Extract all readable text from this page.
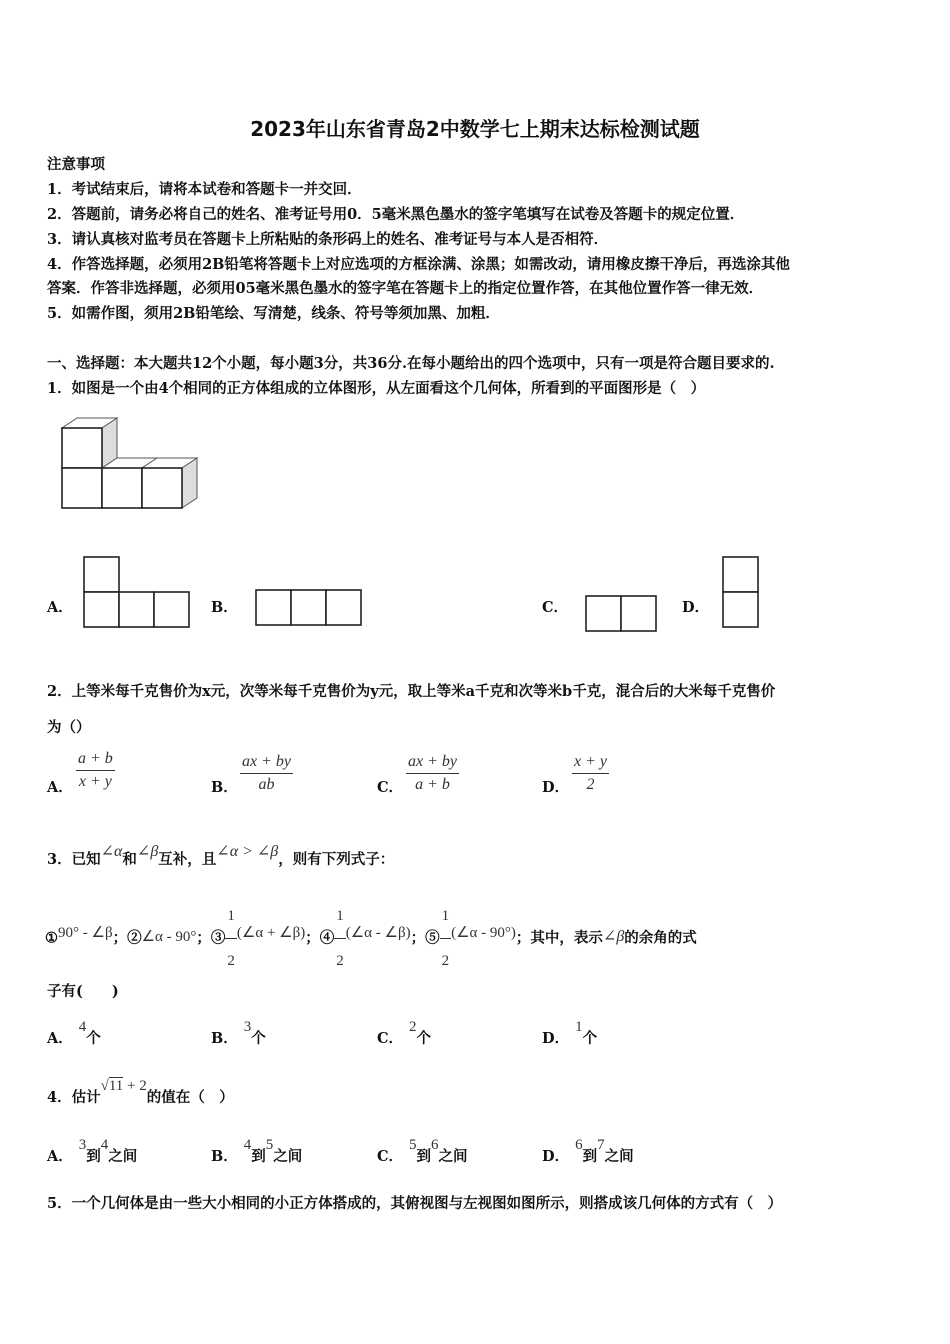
2023年山东省青岛2中数学七上期末达标检测试题
注意事项
1．考试结束后，请将本试卷和答题卡一并交回．
2．答题前，请务必将自己的姓名、准考证号用0．5毫米黑色墨水的签字笔填写在试卷及答题卡的规定位置．
3．请认真核对监考员在答题卡上所粘贴的条形码上的姓名、准考证号与本人是否相符．
4．作答选择题，必须用2B铅笔将答题卡上对应选项的方框涂满、涂黑；如需改动，请用橡皮擦干净后，再选涂其他
答案．作答非选择题，必须用05毫米黑色墨水的签字笔在答题卡上的指定位置作答，在其他位置作答一律无效．
5．如需作图，须用2B铅笔绘、写清楚，线条、符号等须加黑、加粗．
一、选择题：本大题共12个小题，每小题3分，共36分.在每小题给出的四个选项中，只有一项是符合题目要求的.
1．如图是一个由4个相同的正方体组成的立体图形，从左面看这个几何体，所看到的平面图形是（　）
A．	B．	C．	D．
2．上等米每千克售价为x元，次等米每千克售价为y元，取上等米a千克和次等米b千克，混合后的大米每千克售价
为（）
A． $\frac{a + b}{x + y}$	B． $\frac{ax + by}{ab}$	C． $\frac{ax + by}{a + b}$	D． $\frac{x + y}{2}$
3．已知∠α和∠β互补，且∠α > ∠β，则有下列式子：
①90° - ∠β；②∠α - 90°；③ $\frac{1}{2}$ (∠α + ∠β)；④ $\frac{1}{2}$ (∠α - ∠β)；⑤ $\frac{1}{2}$ (∠α - 90°)；其中，表示∠β的余角的式
子有(　　)
A．4个	B．3个	C．2个	D．1个
4．估计√11 + 2的值在（　）
A．3到4之间	B．4到5之间	C．5到6之间	D．6到7之间
5．一个几何体是由一些大小相同的小正方体搭成的，其俯视图与左视图如图所示，则搭成该几何体的方式有（　）
